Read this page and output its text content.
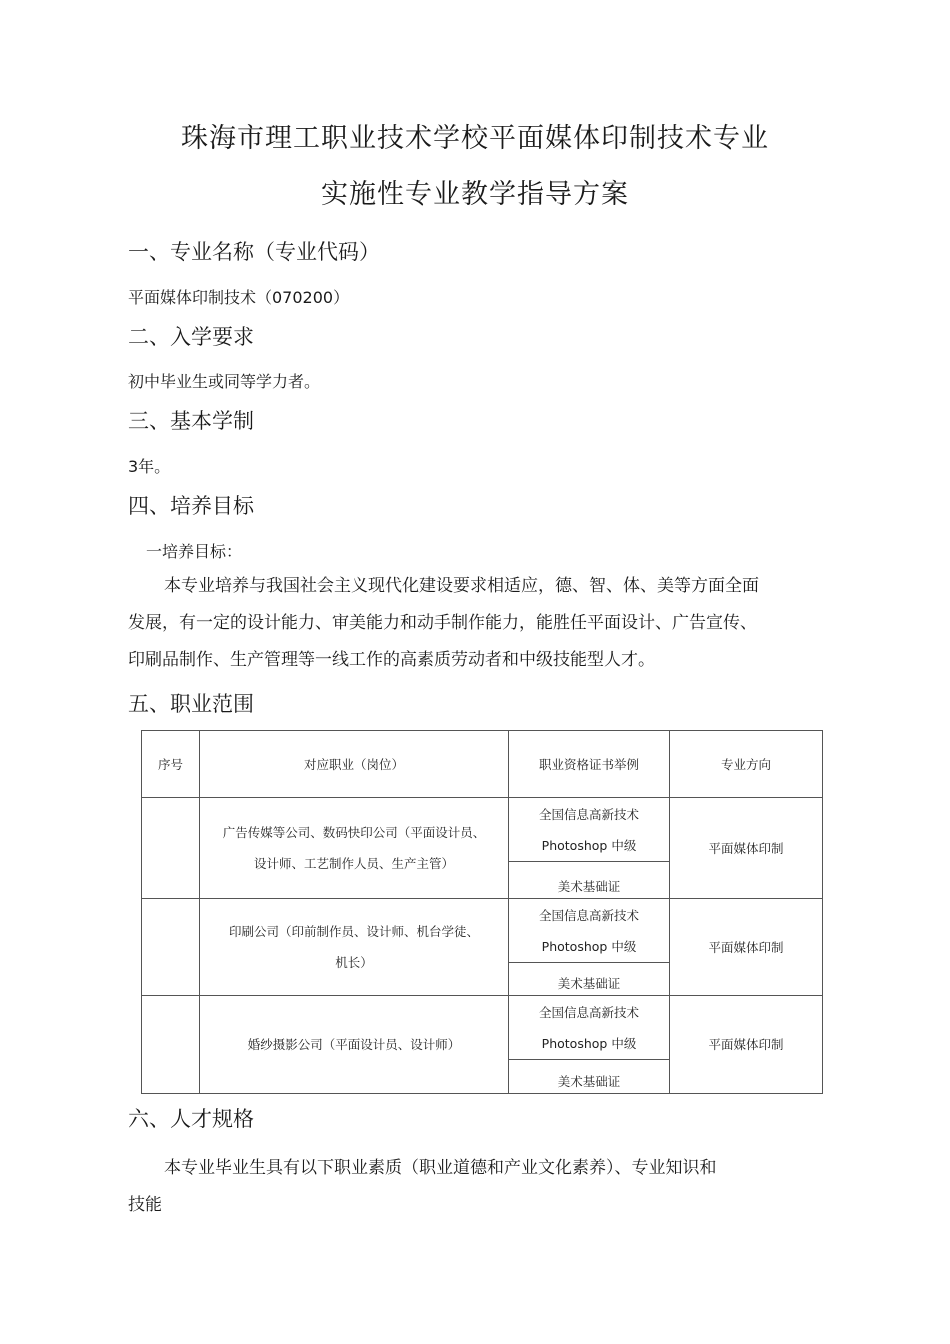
珠海市理工职业技术学校平面媒体印制技术专业
实施性专业教学指导方案
一、专业名称（专业代码）
平面媒体印制技术（070200）
二、入学要求
初中毕业生或同等学力者。
三、基本学制
3年。
四、培养目标
一培养目标：
本专业培养与我国社会主义现代化建设要求相适应，德、智、体、美等方面全面
发展，有一定的设计能力、审美能力和动手制作能力，能胜任平面设计、广告宣传、
印刷品制作、生产管理等一线工作的高素质劳动者和中级技能型人才。
五、职业范围
序号	对应职业（岗位）	职业资格证书举例	专业方向

	广告传媒等公司、数码快印公司（平面设计员、
设计师、工艺制作人员、生产主管）	全国信息高新技术
Photoshop 中级	平面媒体印制
		美术基础证	

	印刷公司（印前制作员、设计师、机台学徒、
机长）	全国信息高新技术
Photoshop 中级	平面媒体印制
		美术基础证	

	婚纱摄影公司（平面设计员、设计师）	全国信息高新技术
Photoshop 中级	平面媒体印制
		美术基础证	
六、人才规格
本专业毕业生具有以下职业素质（职业道德和产业文化素养）、专业知识和
技能
